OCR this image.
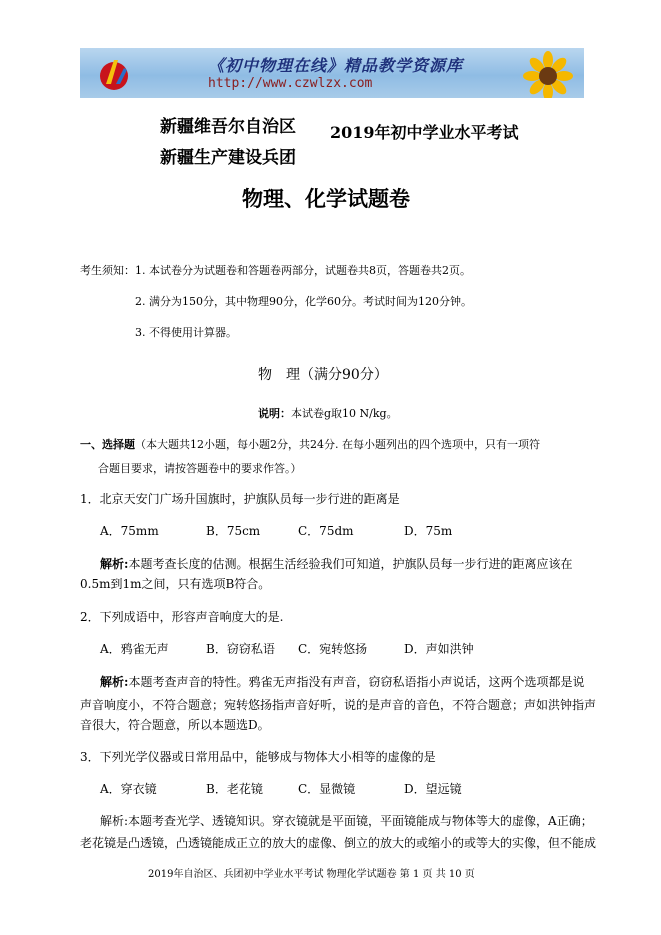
《初中物理在线》精品教学资源库
http://www.czwlzx.com
新疆维吾尔自治区
新疆生产建设兵团
2019年初中学业水平考试
物理、化学试题卷
考生须知： 1. 本试卷分为试题卷和答题卷两部分，试题卷共8页，答题卷共2页。
2. 满分为150分，其中物理90分，化学60分。考试时间为120分钟。
3. 不得使用计算器。
物　理（满分90分）
说明：本试卷g取10 N/kg。
一、选择题（本大题共12小题，每小题2分，共24分. 在每小题列出的四个选项中，只有一项符
合题目要求，请按答题卷中的要求作答。）
1．北京天安门广场升国旗时，护旗队员每一步行进的距离是
A．75mm	B．75cm	C．75dm	D．75m
解析:本题考查长度的估测。根据生活经验我们可知道，护旗队员每一步行进的距离应该在
0.5m到1m之间，只有选项B符合。
2．下列成语中，形容声音响度大的是.
A．鸦雀无声	B．窃窃私语 C．宛转悠扬	D．声如洪钟
解析:本题考查声音的特性。鸦雀无声指没有声音，窃窃私语指小声说话，这两个选项都是说
声音响度小，不符合题意；宛转悠扬指声音好听，说的是声音的音色，不符合题意；声如洪钟指声
音很大，符合题意，所以本题选D。
3．下列光学仪器或日常用品中，能够成与物体大小相等的虚像的是
A．穿衣镜	B．老花镜	C．显微镜	D．望远镜
解析:本题考查光学、透镜知识。穿衣镜就是平面镜，平面镜能成与物体等大的虚像，A正确；
老花镜是凸透镜，凸透镜能成正立的放大的虚像、倒立的放大的或缩小的或等大的实像，但不能成
2019年自治区、兵团初中学业水平考试 物理化学试题卷 第 1 页 共 10 页
